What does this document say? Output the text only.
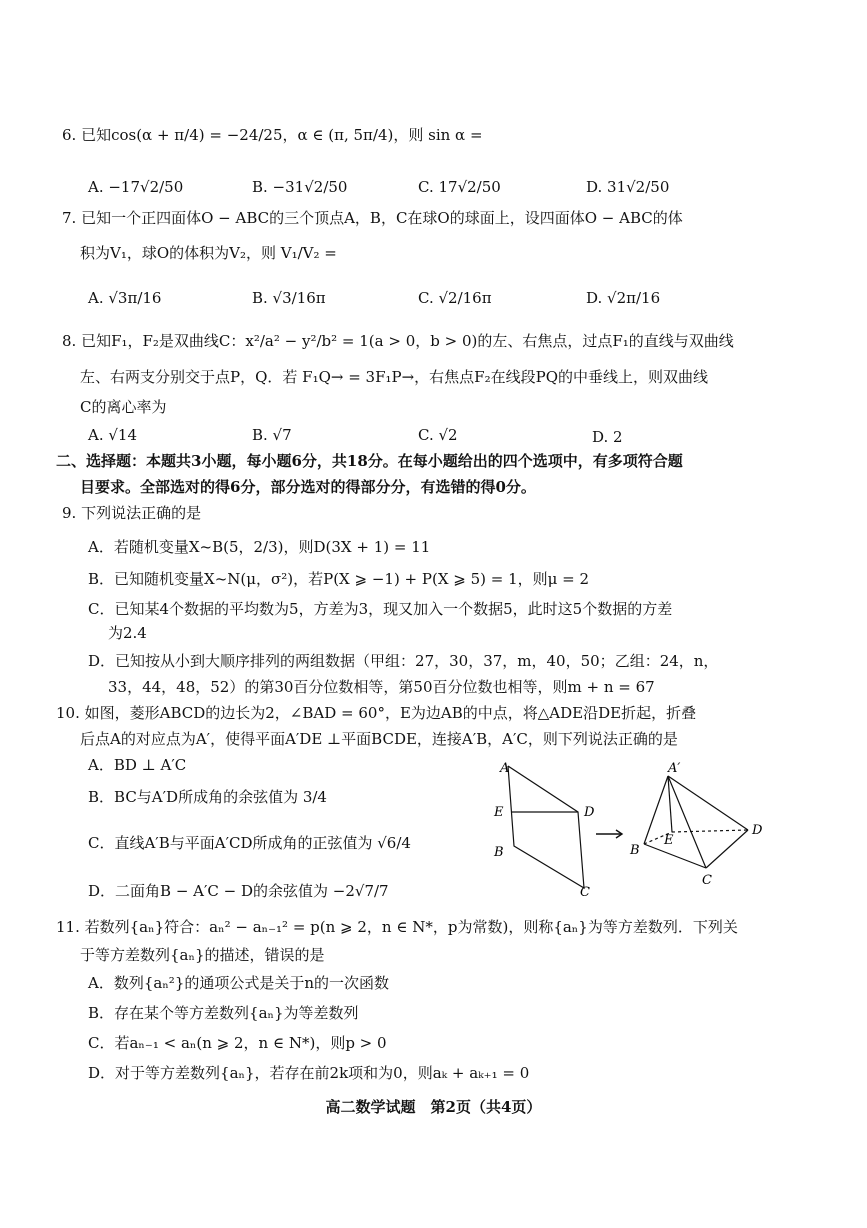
6. 已知cos(α + π/4) = −24/25，α ∈ (π, 5π/4)，则 sin α =
A. −17√2/50	B. −31√2/50	C. 17√2/50	D. 31√2/50
7. 已知一个正四面体O − ABC的三个顶点A，B，C在球O的球面上，设四面体O − ABC的体
积为V₁，球O的体积为V₂，则 V₁/V₂ =
A. √3π/16	B. √3/16π	C. √2/16π	D. √2π/16
8. 已知F₁，F₂是双曲线C：x²/a² − y²/b² = 1(a > 0，b > 0)的左、右焦点，过点F₁的直线与双曲线
左、右两支分别交于点P，Q．若 F₁Q→ = 3F₁P→，右焦点F₂在线段PQ的中垂线上，则双曲线
C的离心率为
A. √14	B. √7	C. √2	D. 2
二、选择题：本题共3小题，每小题6分，共18分。在每小题给出的四个选项中，有多项符合题
目要求。全部选对的得6分，部分选对的得部分分，有选错的得0分。
9. 下列说法正确的是
A．若随机变量X~B(5，2/3)，则D(3X + 1) = 11
B．已知随机变量X~N(μ，σ²)，若P(X ⩾ −1) + P(X ⩾ 5) = 1，则μ = 2
C．已知某4个数据的平均数为5，方差为3，现又加入一个数据5，此时这5个数据的方差
为2.4
D．已知按从小到大顺序排列的两组数据（甲组：27，30，37，m，40，50；乙组：24，n，
33，44，48，52）的第30百分位数相等，第50百分位数也相等，则m + n = 67
10. 如图，菱形ABCD的边长为2，∠BAD = 60°，E为边AB的中点，将△ADE沿DE折起，折叠
后点A的对应点为A′，使得平面A′DE ⊥平面BCDE，连接A′B，A′C，则下列说法正确的是
A．BD ⊥ A′C
B．BC与A′D所成角的余弦值为 3/4
C．直线A′B与平面A′CD所成角的正弦值为 √6/4
D．二面角B − A′C − D的余弦值为 −2√7/7
A
E	D
B
C
A′
E
D
B
C
11. 若数列{aₙ}符合：aₙ² − aₙ₋₁² = p(n ⩾ 2，n ∈ N*，p为常数)，则称{aₙ}为等方差数列．下列关
于等方差数列{aₙ}的描述，错误的是
A．数列{aₙ²}的通项公式是关于n的一次函数
B．存在某个等方差数列{aₙ}为等差数列
C．若aₙ₋₁ < aₙ(n ⩾ 2，n ∈ N*)，则p > 0
D．对于等方差数列{aₙ}，若存在前2k项和为0，则aₖ + aₖ₊₁ = 0
高二数学试题　第2页（共4页）
